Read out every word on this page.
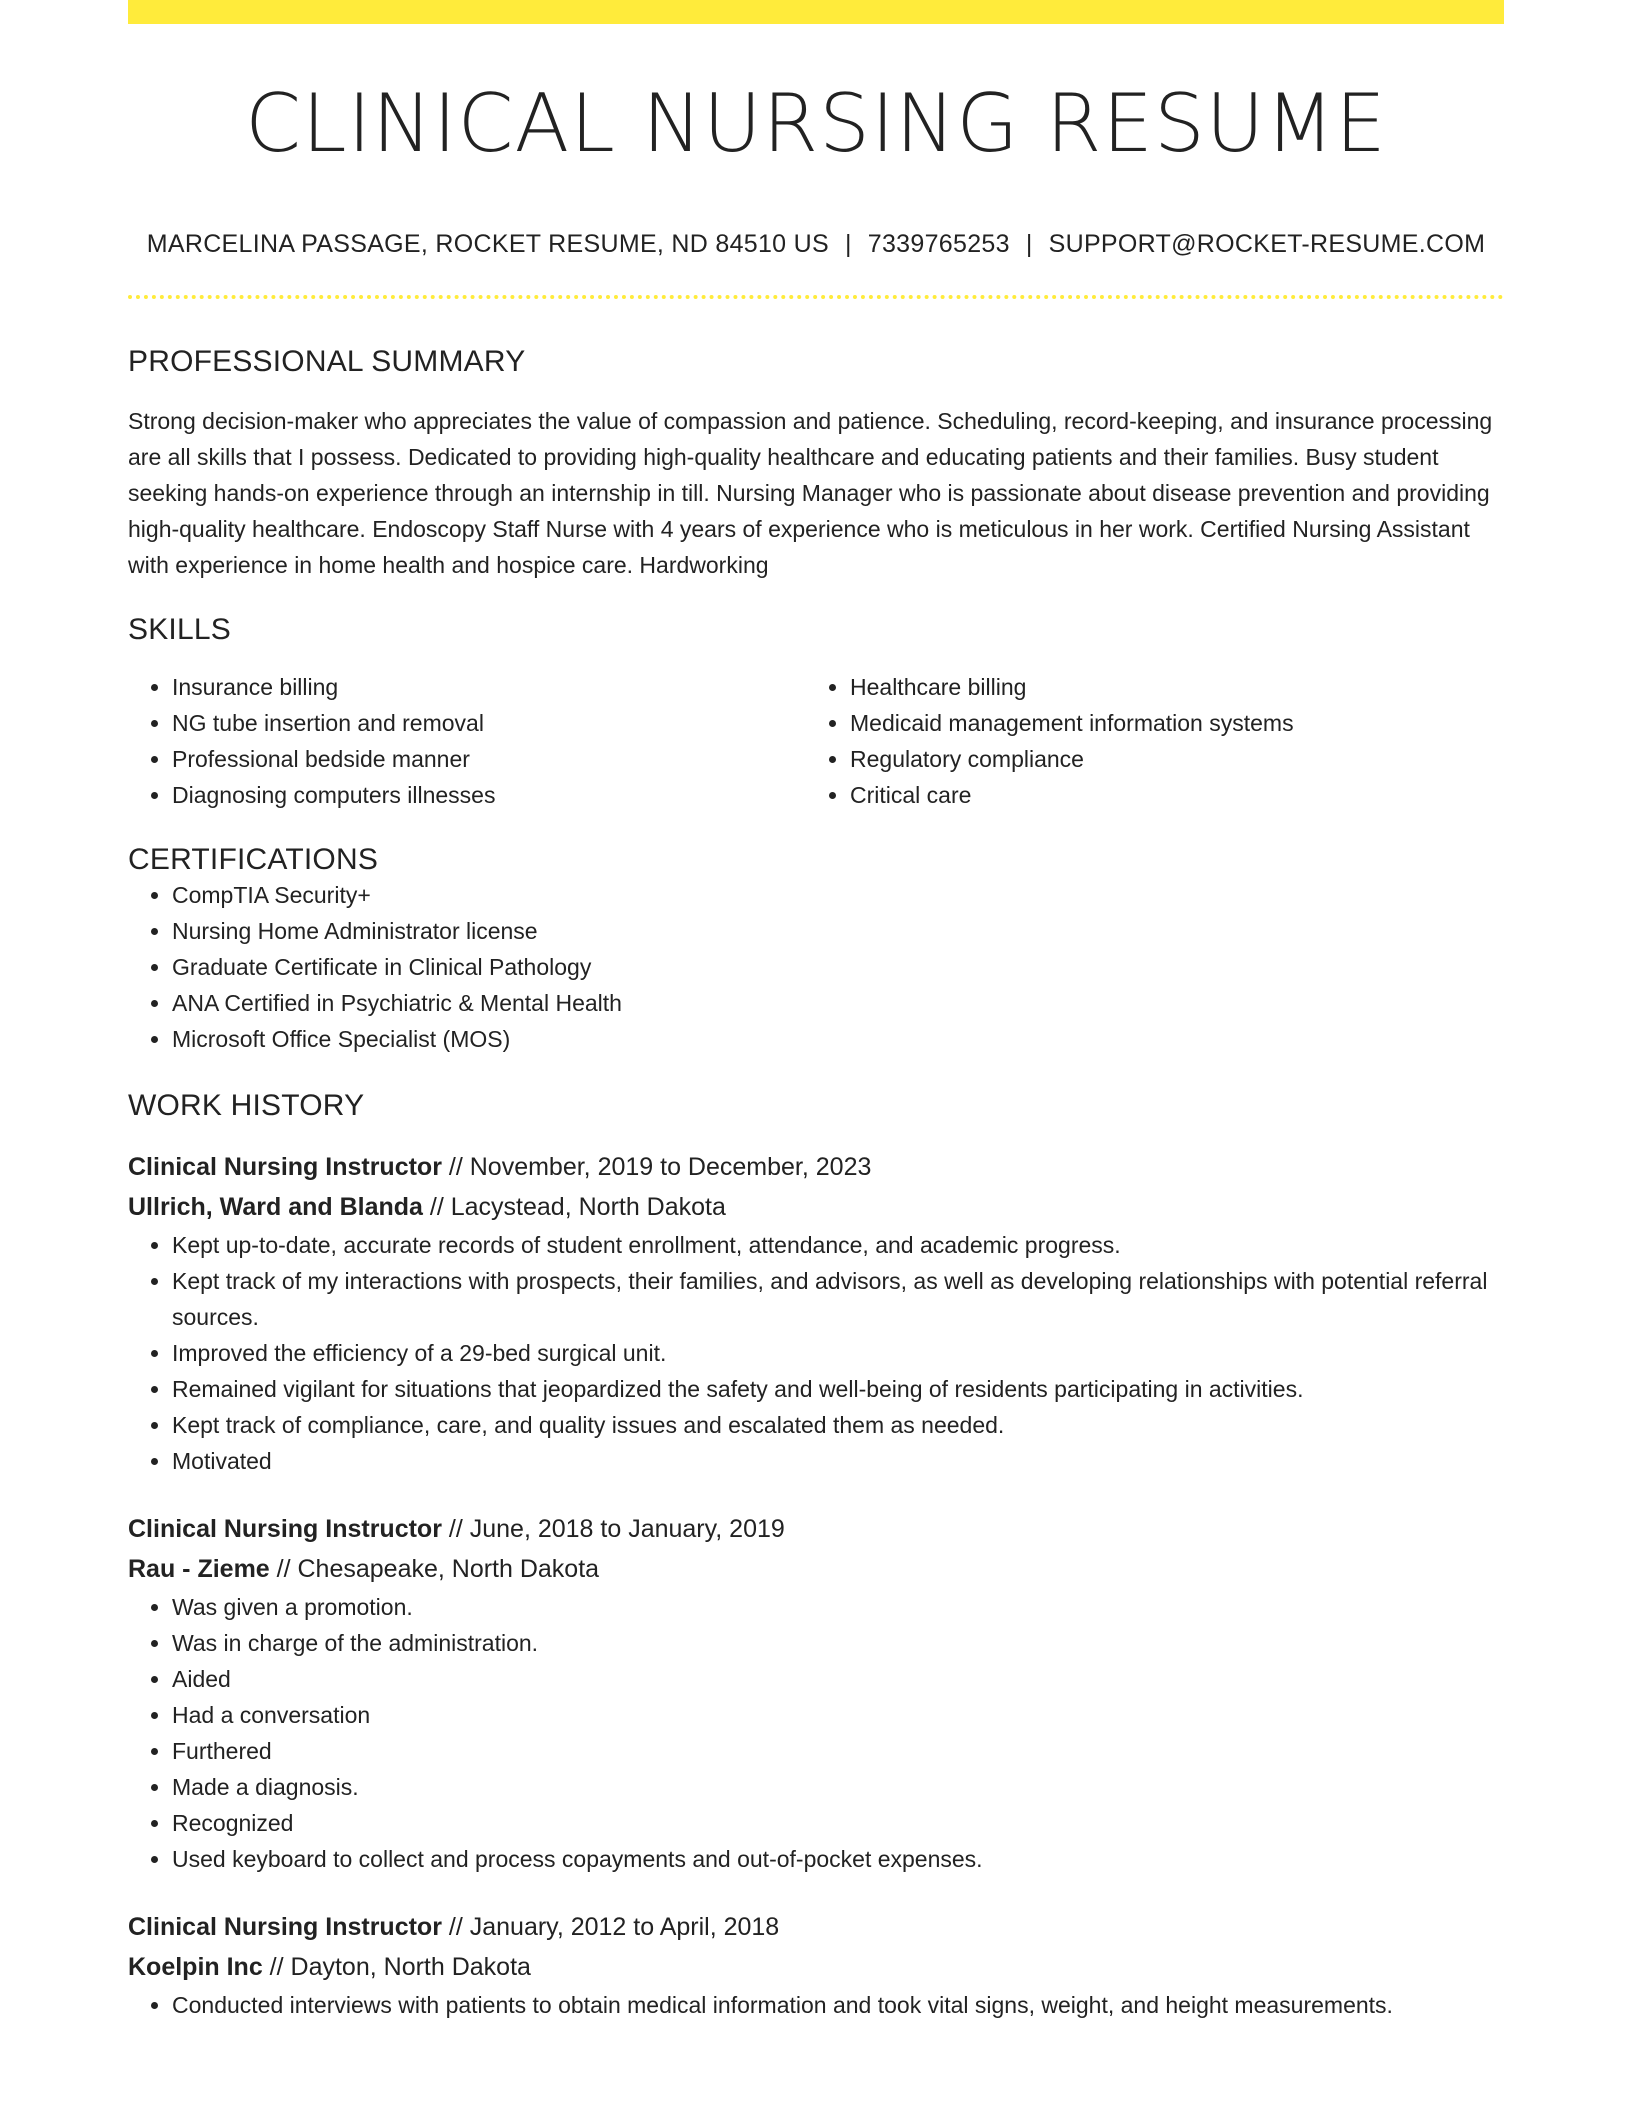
CLINICAL NURSING RESUME
MARCELINA PASSAGE, ROCKET RESUME, ND 84510 US | 7339765253 | SUPPORT@ROCKET-RESUME.COM
PROFESSIONAL SUMMARY
Strong decision-maker who appreciates the value of compassion and patience. Scheduling, record-keeping, and insurance processing are all skills that I possess. Dedicated to providing high-quality healthcare and educating patients and their families. Busy student seeking hands-on experience through an internship in till. Nursing Manager who is passionate about disease prevention and providing high-quality healthcare. Endoscopy Staff Nurse with 4 years of experience who is meticulous in her work. Certified Nursing Assistant with experience in home health and hospice care. Hardworking
SKILLS
• Insurance billing
• NG tube insertion and removal
• Professional bedside manner
• Diagnosing computers illnesses
• Healthcare billing
• Medicaid management information systems
• Regulatory compliance
• Critical care
CERTIFICATIONS
• CompTIA Security+
• Nursing Home Administrator license
• Graduate Certificate in Clinical Pathology
• ANA Certified in Psychiatric & Mental Health
• Microsoft Office Specialist (MOS)
WORK HISTORY
Clinical Nursing Instructor // November, 2019 to December, 2023
Ullrich, Ward and Blanda // Lacystead, North Dakota
• Kept up-to-date, accurate records of student enrollment, attendance, and academic progress.
• Kept track of my interactions with prospects, their families, and advisors, as well as developing relationships with potential referral sources.
• Improved the efficiency of a 29-bed surgical unit.
• Remained vigilant for situations that jeopardized the safety and well-being of residents participating in activities.
• Kept track of compliance, care, and quality issues and escalated them as needed.
• Motivated
Clinical Nursing Instructor // June, 2018 to January, 2019
Rau - Zieme // Chesapeake, North Dakota
• Was given a promotion.
• Was in charge of the administration.
• Aided
• Had a conversation
• Furthered
• Made a diagnosis.
• Recognized
• Used keyboard to collect and process copayments and out-of-pocket expenses.
Clinical Nursing Instructor // January, 2012 to April, 2018
Koelpin Inc // Dayton, North Dakota
• Conducted interviews with patients to obtain medical information and took vital signs, weight, and height measurements.
